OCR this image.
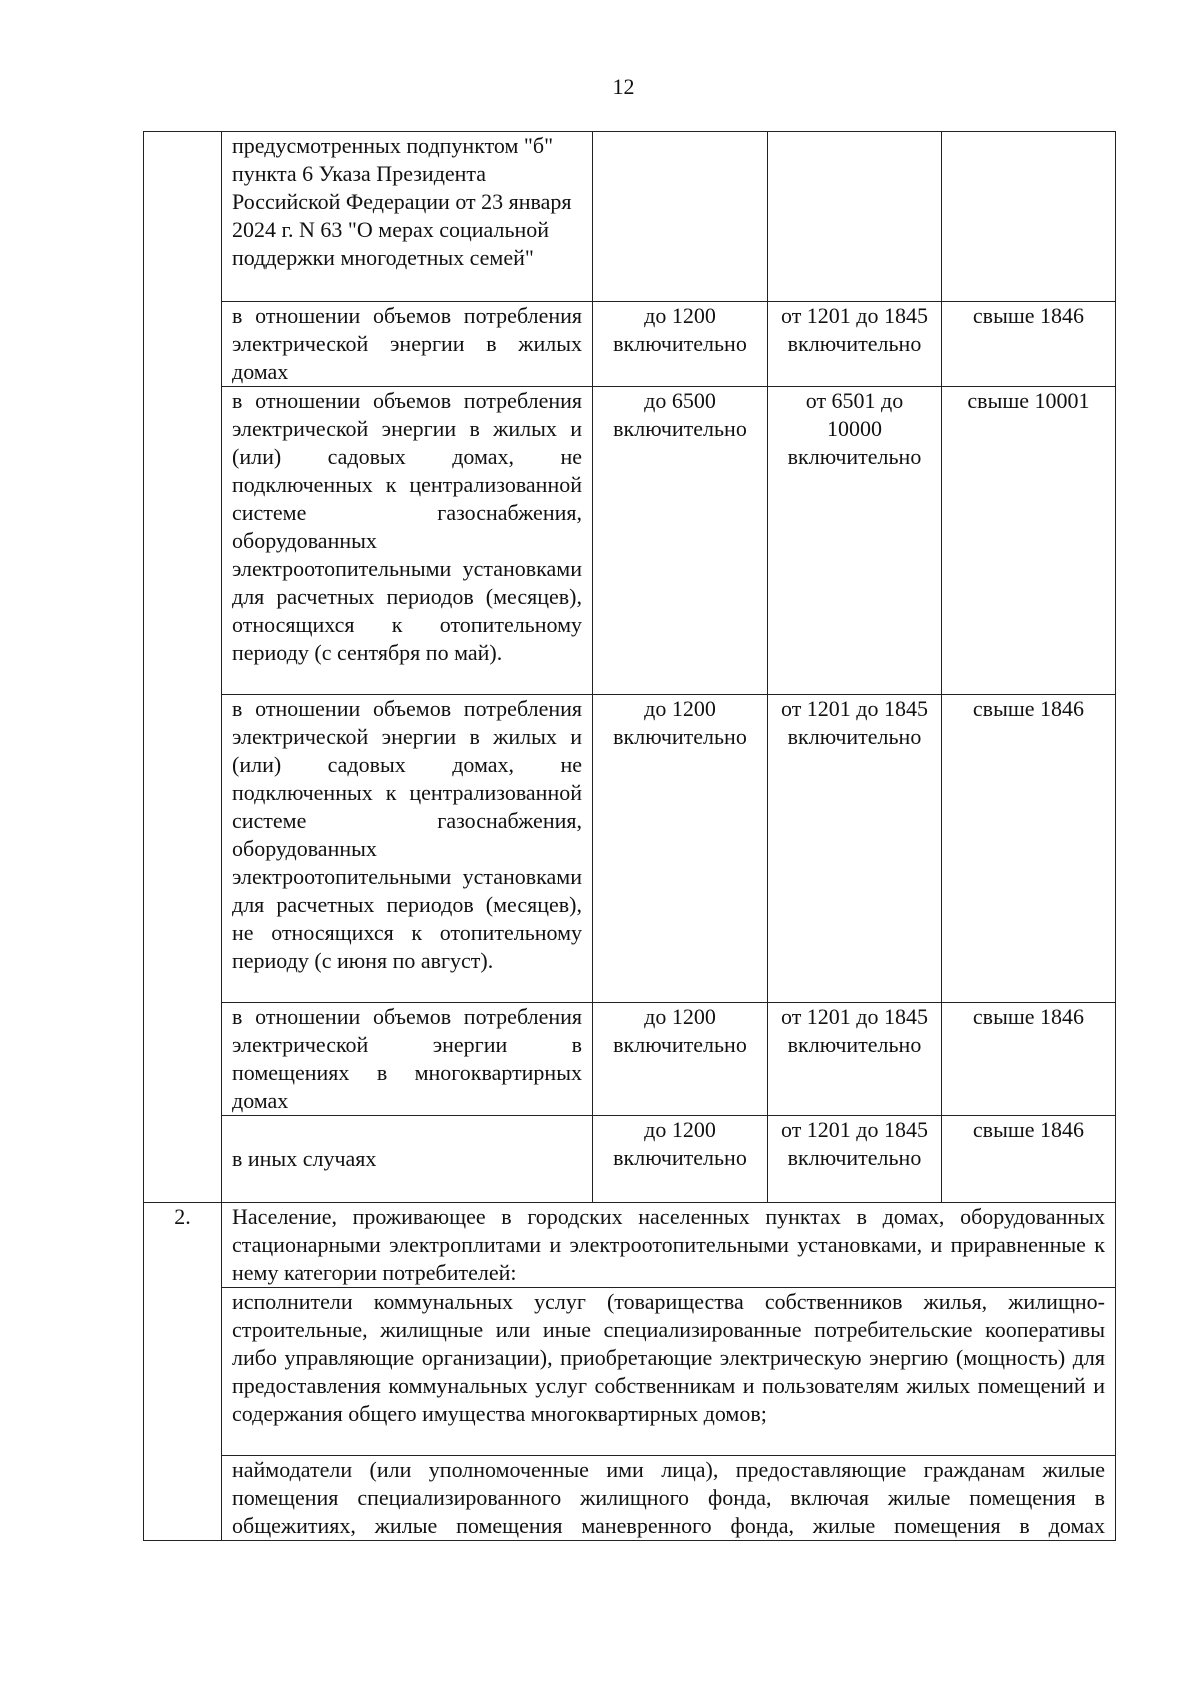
12
	предусмотренных подпунктом "б" пункта 6 Указа Президента Российской Федерации от 23 января 2024 г. N 63 "О мерах социальной поддержки многодетных семей"			
	в отношении объемов потребления электрической энергии в жилых домах	до 1200 включительно	от 1201 до 1845 включительно	свыше 1846
	в отношении объемов потребления электрической энергии в жилых и (или) садовых домах, не подключенных к централизованной системе газоснабжения, оборудованных электроотопительными установками для расчетных периодов (месяцев), относящихся к отопительному периоду (с сентября по май).	до 6500 включительно	от 6501 до 10000 включительно	свыше 10001
	в отношении объемов потребления электрической энергии в жилых и (или) садовых домах, не подключенных к централизованной системе газоснабжения, оборудованных электроотопительными установками для расчетных периодов (месяцев), не относящихся к отопительному периоду (с июня по август).	до 1200 включительно	от 1201 до 1845 включительно	свыше 1846
	в отношении объемов потребления электрической энергии в помещениях в многоквартирных домах	до 1200 включительно	от 1201 до 1845 включительно	свыше 1846
	в иных случаях	до 1200 включительно	от 1201 до 1845 включительно	свыше 1846
2.	Население, проживающее в городских населенных пунктах в домах, оборудованных стационарными электроплитами и электроотопительными установками, и приравненные к нему категории потребителей:			
	исполнители коммунальных услуг (товарищества собственников жилья, жилищно-строительные, жилищные или иные специализированные потребительские кооперативы либо управляющие организации), приобретающие электрическую энергию (мощность) для предоставления коммунальных услуг собственникам и пользователям жилых помещений и содержания общего имущества многоквартирных домов;			
	наймодатели (или уполномоченные ими лица), предоставляющие гражданам жилые помещения специализированного жилищного фонда, включая жилые помещения в общежитиях, жилые помещения маневренного фонда, жилые помещения в домах			
